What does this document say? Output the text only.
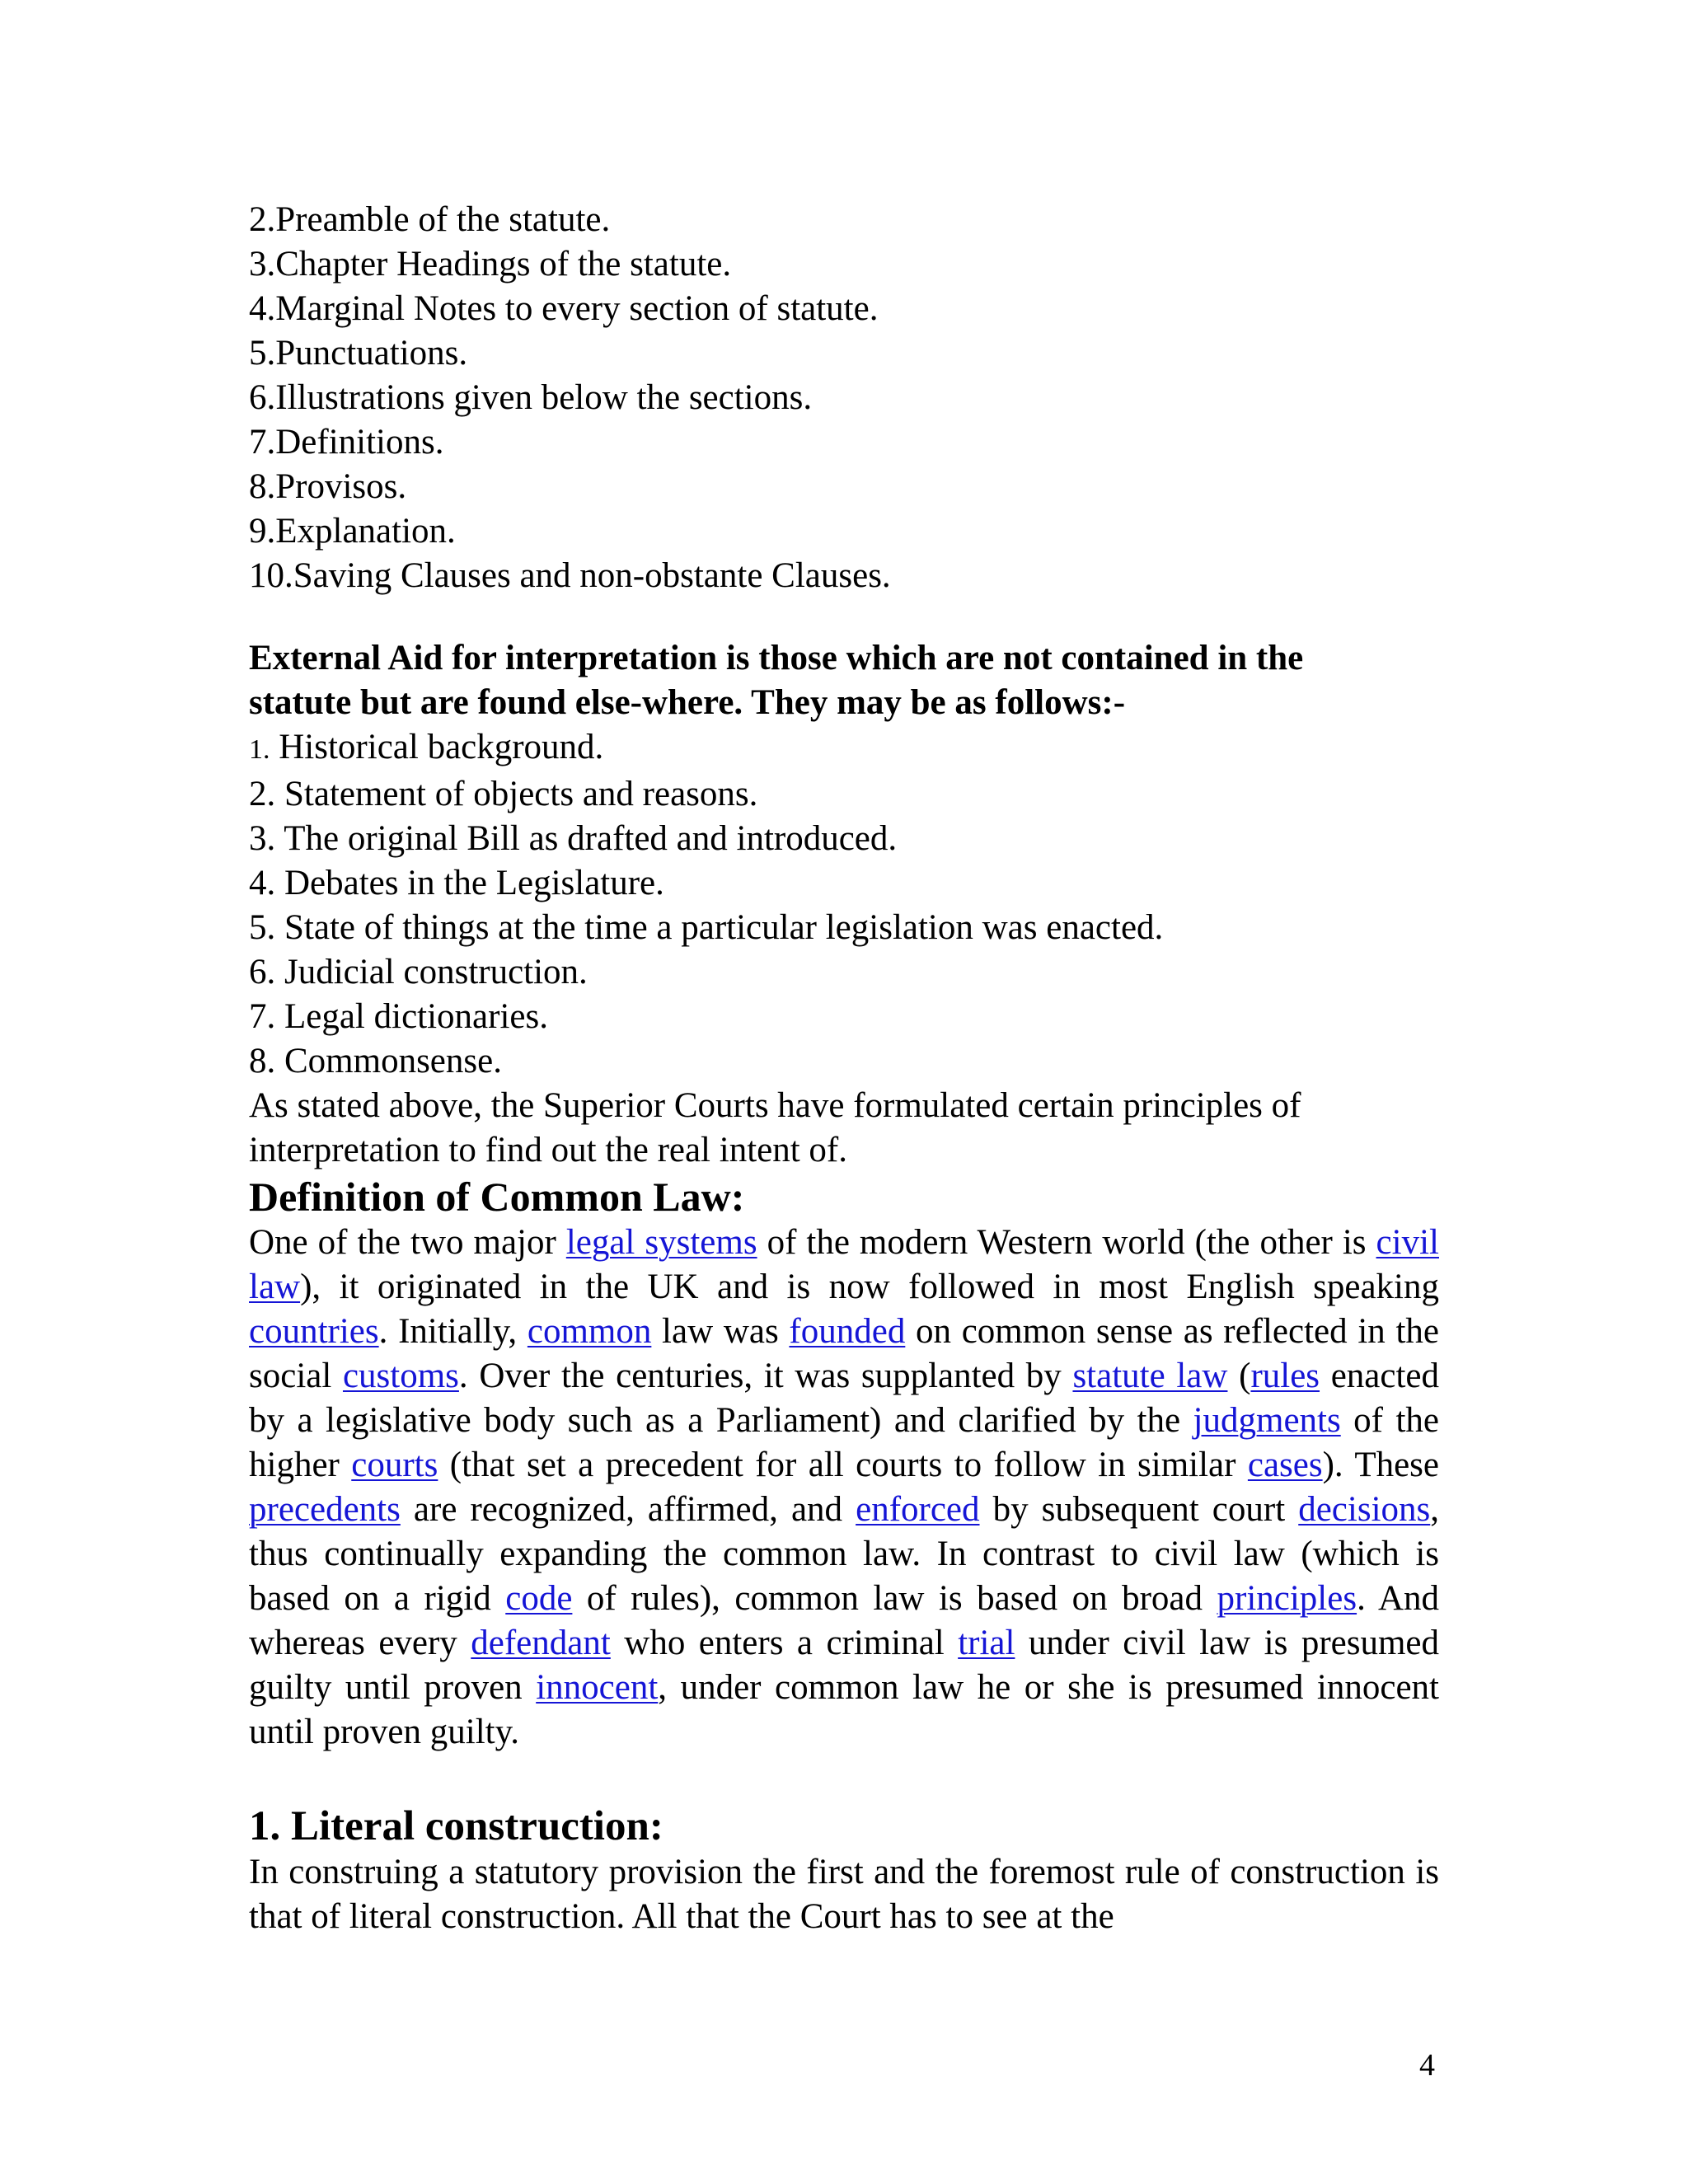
2.Preamble of the statute.

3.Chapter Headings of the statute.

4.Marginal Notes to every section of statute.

5.Punctuations.

6.Illustrations given below the sections.

7.Definitions.

8.Provisos.

9.Explanation.

10.Saving Clauses and non-obstante Clauses.

External Aid for interpretation is those which are not contained in the
statute but are found else-where. They may be as follows:-

1. Historical background.

2. Statement of objects and reasons.

3. The original Bill as drafted and introduced.

4. Debates in the Legislature.

5. State of things at the time a particular legislation was enacted.

6. Judicial construction.

7. Legal dictionaries.

8. Commonsense.

As stated above, the Superior Courts have formulated certain principles of

interpretation to find out the real intent of.

Definition of Common Law:

One of the two major legal systems of the modern Western world (the other is civil law), it originated in the UK and is now followed in most English speaking countries. Initially, common law was founded on common sense as reflected in the social customs. Over the centuries, it was supplanted by statute law (rules enacted by a legislative body such as a Parliament) and clarified by the judgments of the higher courts (that set a precedent for all courts to follow in similar cases). These precedents are recognized, affirmed, and enforced by subsequent court decisions, thus continually expanding the common law. In contrast to civil law (which is based on a rigid code of rules), common law is based on broad principles. And whereas every defendant who enters a criminal trial under civil law is presumed guilty until proven innocent, under common law he or she is presumed innocent until proven guilty.

1. Literal construction:

In construing a statutory provision the first and the foremost rule of construction is that of literal construction. All that the Court has to see at the

4
